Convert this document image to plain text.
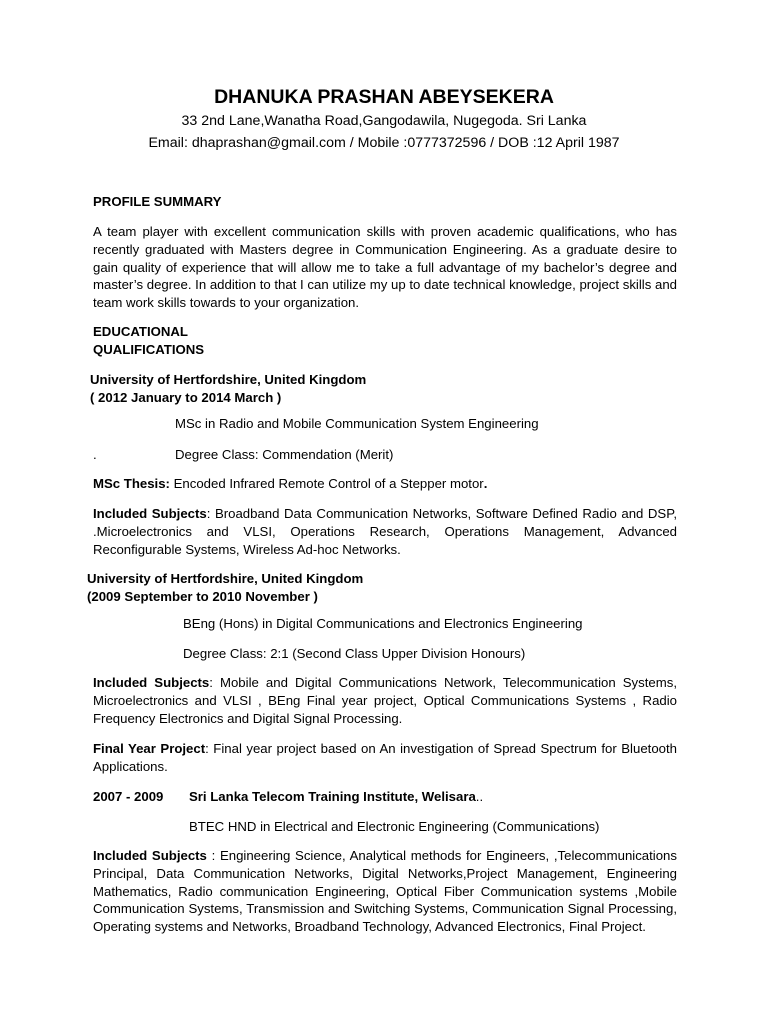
DHANUKA PRASHAN ABEYSEKERA
33 2nd Lane,Wanatha Road,Gangodawila, Nugegoda. Sri Lanka
Email: dhaprashan@gmail.com / Mobile :0777372596 / DOB :12 April 1987
PROFILE SUMMARY

A team player with excellent communication skills with proven academic qualifications, who has recently graduated with Masters degree in Communication Engineering. As a graduate desire to gain quality of experience that will allow me to take a full advantage of my bachelor’s degree and master’s degree. In addition to that I can utilize my up to date technical knowledge, project skills and team work skills towards to your organization.

EDUCATIONAL
QUALIFICATIONS
University of Hertfordshire, United Kingdom
( 2012 January to 2014 March )
MSc in Radio and Mobile Communication System Engineering
.	Degree Class: Commendation (Merit)
MSc Thesis: Encoded Infrared Remote Control of a Stepper motor.

Included Subjects: Broadband Data Communication Networks, Software Defined Radio and DSP, .Microelectronics and VLSI, Operations Research, Operations Management, Advanced Reconfigurable Systems, Wireless Ad-hoc Networks.

University of Hertfordshire, United Kingdom
(2009 September to 2010 November )
BEng (Hons) in Digital Communications and Electronics Engineering
Degree Class: 2:1 (Second Class Upper Division Honours)

Included Subjects: Mobile and Digital Communications Network, Telecommunication Systems, Microelectronics and VLSI , BEng Final year project, Optical Communications Systems , Radio Frequency Electronics and Digital Signal Processing.

Final Year Project: Final year project based on An investigation of Spread Spectrum for Bluetooth Applications.

2007 - 2009 Sri Lanka Telecom Training Institute, Welisara..
BTEC HND in Electrical and Electronic Engineering (Communications)

Included Subjects : Engineering Science, Analytical methods for Engineers, ,Telecommunications Principal, Data Communication Networks, Digital Networks,Project Management, Engineering Mathematics, Radio communication Engineering, Optical Fiber Communication systems ,Mobile Communication Systems, Transmission and Switching Systems, Communication Signal Processing, Operating systems and Networks, Broadband Technology, Advanced Electronics, Final Project.
